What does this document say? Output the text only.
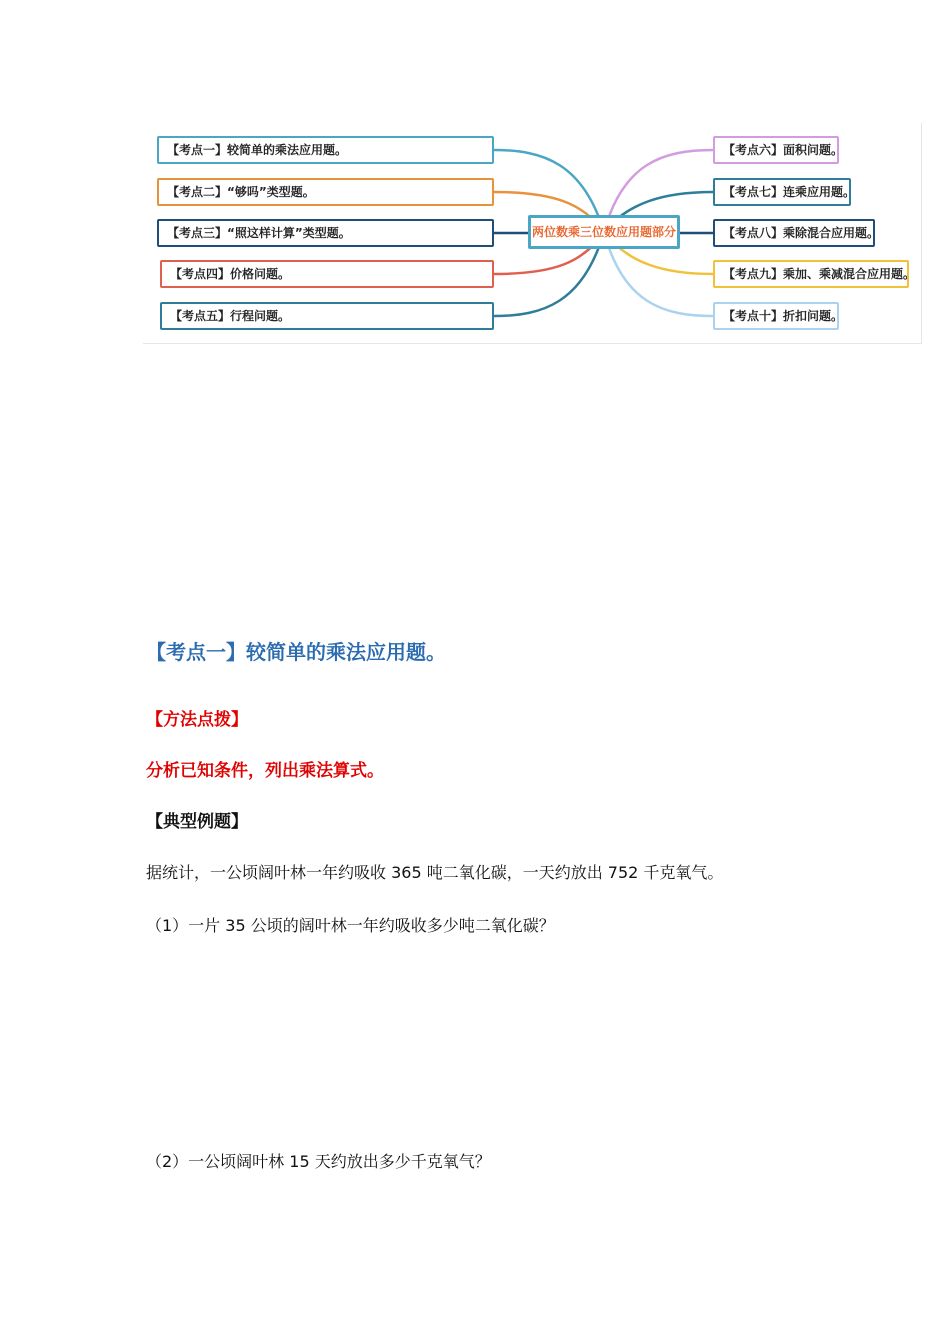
两位数乘三位数应用题部分
【考点一】较简单的乘法应用题。
【考点二】“够吗”类型题。
【考点三】“照这样计算”类型题。
【考点四】价格问题。
【考点五】行程问题。
【考点六】面积问题。
【考点七】连乘应用题。
【考点八】乘除混合应用题。
【考点九】乘加、乘减混合应用题。
【考点十】折扣问题。
【考点一】较简单的乘法应用题。
【方法点拨】
分析已知条件，列出乘法算式。
【典型例题】
据统计，一公顷阔叶林一年约吸收 365 吨二氧化碳，一天约放出 752 千克氧气。
（1）一片 35 公顷的阔叶林一年约吸收多少吨二氧化碳？
（2）一公顷阔叶林 15 天约放出多少千克氧气？
